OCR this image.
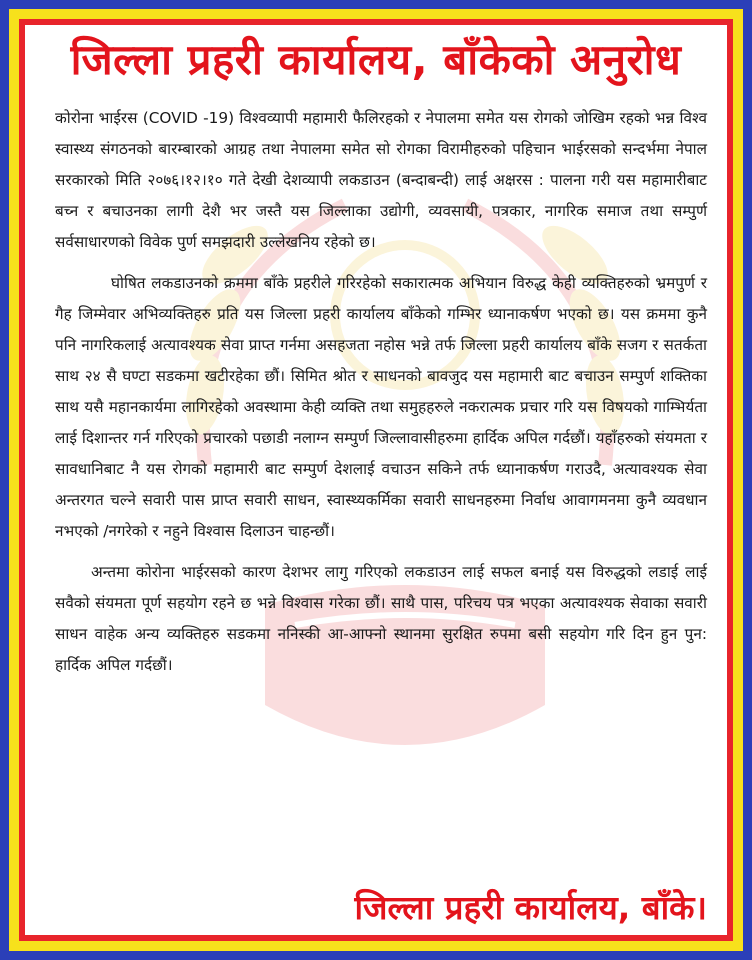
जिल्ला प्रहरी कार्यालय, बाँकेको अनुरोध

कोरोना भाईरस (COVID -19) विश्वव्यापी महामारी फैलिरहको र नेपालमा समेत यस रोगको जोखिम रहको भन्न विश्व स्वास्थ्य संगठनको बारम्बारको आग्रह तथा नेपालमा समेत सो रोगका विरामीहरुको पहिचान भाईरसको सन्दर्भमा नेपाल सरकारको मिति २०७६।१२।१० गते देखी देशव्यापी लकडाउन (बन्दाबन्दी) लाई अक्षरस : पालना गरी यस महामारीबाट बच्न र बचाउनका लागी देशै भर जस्तै यस जिल्लाका उद्योगी, व्यवसायी, पत्रकार, नागरिक समाज तथा सम्पुर्ण सर्वसाधारणको विवेक पुर्ण समझदारी उल्लेखनिय रहेको छ।

घोषित लकडाउनको क्रममा बाँके प्रहरीले गरिरहेको सकारात्मक अभियान विरुद्ध केही व्यक्तिहरुको भ्रमपुर्ण र गैह जिम्मेवार अभिव्यक्तिहरु प्रति यस जिल्ला प्रहरी कार्यालय बाँकेको गम्भिर ध्यानाकर्षण भएको छ। यस क्रममा कुनै पनि नागरिकलाई अत्यावश्यक सेवा प्राप्त गर्नमा असहजता नहोस भन्ने तर्फ जिल्ला प्रहरी कार्यालय बाँके सजग र सतर्कता साथ २४ सै घण्टा सडकमा खटीरहेका छौं। सिमित श्रोत र साधनको बावजुद यस महामारी बाट बचाउन सम्पुर्ण शक्तिका साथ यसै महानकार्यमा लागिरहेको अवस्थामा केही व्यक्ति तथा समुहहरुले नकरात्मक प्रचार गरि यस विषयको गाम्भिर्यता लाई दिशान्तर गर्न गरिएको प्रचारको पछाडी नलाग्न सम्पुर्ण जिल्लावासीहरुमा हार्दिक अपिल गर्दछौं। यहाँहरुको संयमता र सावधानिबाट नै यस रोगको महामारी बाट सम्पुर्ण देशलाई वचाउन सकिने तर्फ ध्यानाकर्षण गराउदै, अत्यावश्यक सेवा अन्तरगत चल्ने सवारी पास प्राप्त सवारी साधन, स्वास्थ्यकर्मिका सवारी साधनहरुमा निर्वाध आवागमनमा कुनै व्यवधान नभएको /नगरेको र नहुने विश्वास दिलाउन चाहन्छौं।

अन्तमा कोरोना भाईरसको कारण देशभर लागु गरिएको लकडाउन लाई सफल बनाई यस विरुद्धको लडाई लाई सवैको संयमता पूर्ण सहयोग रहने छ भन्ने विश्वास गरेका छौं। साथै पास, परिचय पत्र भएका अत्यावश्यक सेवाका सवारी साधन वाहेक अन्य व्यक्तिहरु सडकमा ननिस्की आ-आफ्नो स्थानमा सुरक्षित रुपमा बसी सहयोग गरि दिन हुन पुन: हार्दिक अपिल गर्दछौं।

जिल्ला प्रहरी कार्यालय, बाँके।
